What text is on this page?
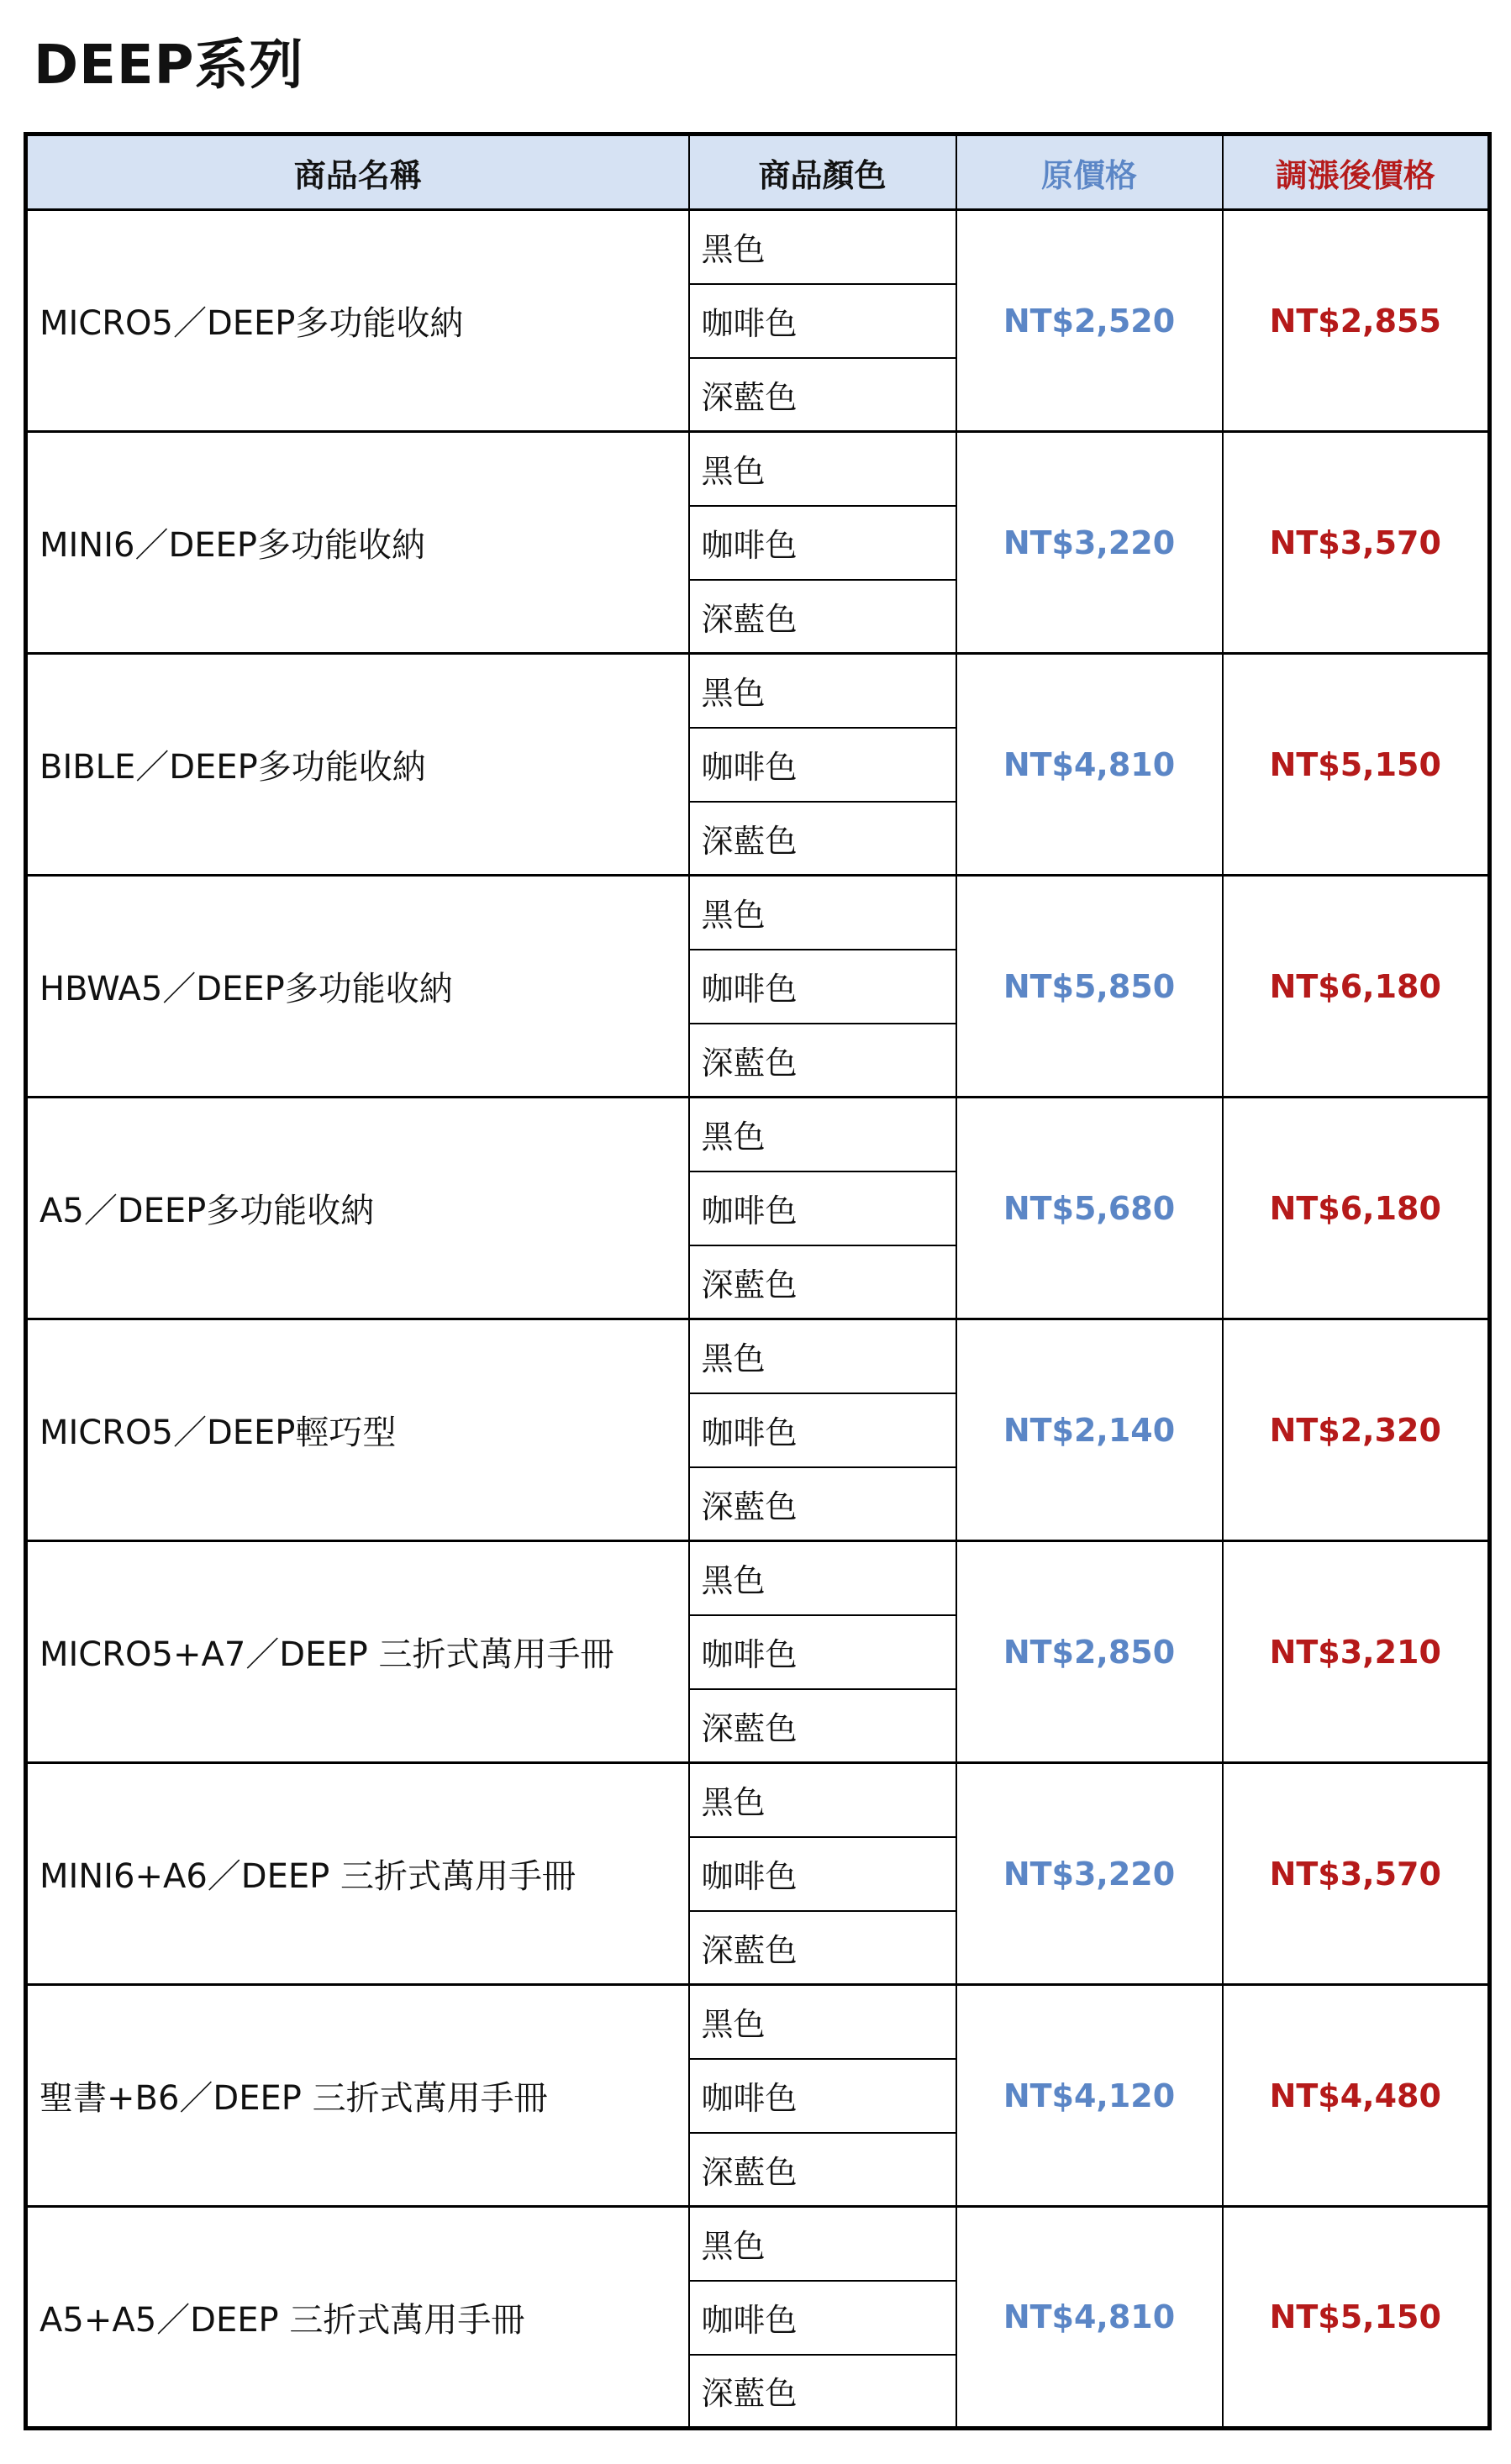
DEEP系列
商品名稱	商品顏色	原價格	調漲後價格
MICRO5／DEEP多功能收納	黑色	NT$2,520	NT$2,855
	咖啡色		
	深藍色		
MINI6／DEEP多功能收納	黑色	NT$3,220	NT$3,570
	咖啡色		
	深藍色		
BIBLE／DEEP多功能收納	黑色	NT$4,810	NT$5,150
	咖啡色		
	深藍色		
HBWA5／DEEP多功能收納	黑色	NT$5,850	NT$6,180
	咖啡色		
	深藍色		
A5／DEEP多功能收納	黑色	NT$5,680	NT$6,180
	咖啡色		
	深藍色		
MICRO5／DEEP輕巧型	黑色	NT$2,140	NT$2,320
	咖啡色		
	深藍色		
MICRO5+A7／DEEP 三折式萬用手冊	黑色	NT$2,850	NT$3,210
	咖啡色		
	深藍色		
MINI6+A6／DEEP 三折式萬用手冊	黑色	NT$3,220	NT$3,570
	咖啡色		
	深藍色		
聖書+B6／DEEP 三折式萬用手冊	黑色	NT$4,120	NT$4,480
	咖啡色		
	深藍色		
A5+A5／DEEP 三折式萬用手冊	黑色	NT$4,810	NT$5,150
	咖啡色		
	深藍色		
